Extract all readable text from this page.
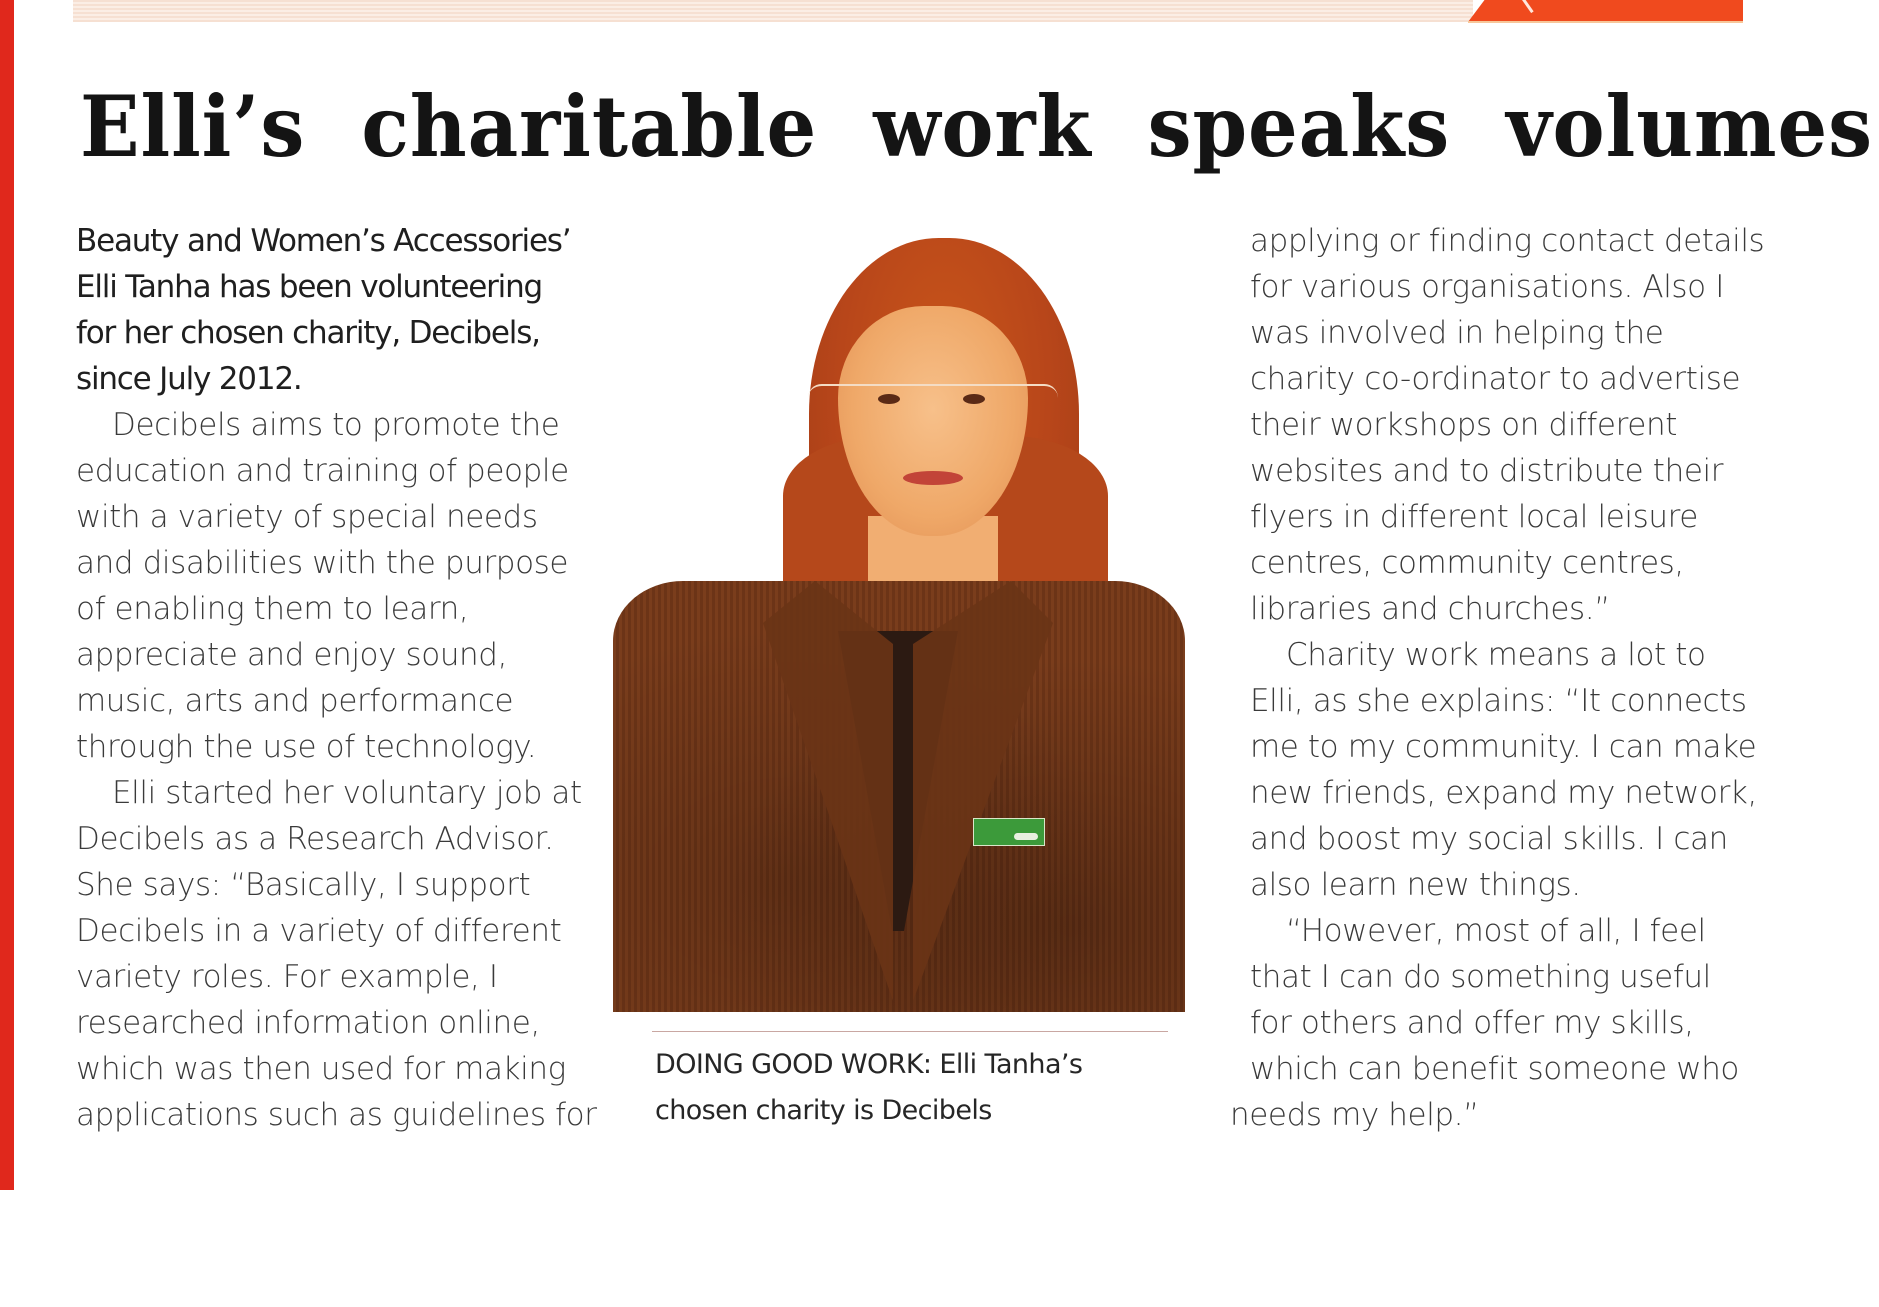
Elli’s charitable work speaks volumes
Beauty and Women’s Accessories’
Elli Tanha has been volunteering
for her chosen charity, Decibels,
since July 2012.
Decibels aims to promote the
education and training of people
with a variety of special needs
and disabilities with the purpose
of enabling them to learn,
appreciate and enjoy sound,
music, arts and performance
through the use of technology.
Elli started her voluntary job at
Decibels as a Research Advisor.
She says: “Basically, I support
Decibels in a variety of different
variety roles. For example, I
researched information online,
which was then used for making
applications such as guidelines for
DOING GOOD WORK: Elli Tanha’s
chosen charity is Decibels
applying or finding contact details
for various organisations. Also I
was involved in helping the
charity co-ordinator to advertise
their workshops on different
websites and to distribute their
flyers in different local leisure
centres, community centres,
libraries and churches.”
Charity work means a lot to
Elli, as she explains: “It connects
me to my community. I can make
new friends, expand my network,
and boost my social skills. I can
also learn new things.
“However, most of all, I feel
that I can do something useful
for others and offer my skills,
which can benefit someone who
needs my help.”
